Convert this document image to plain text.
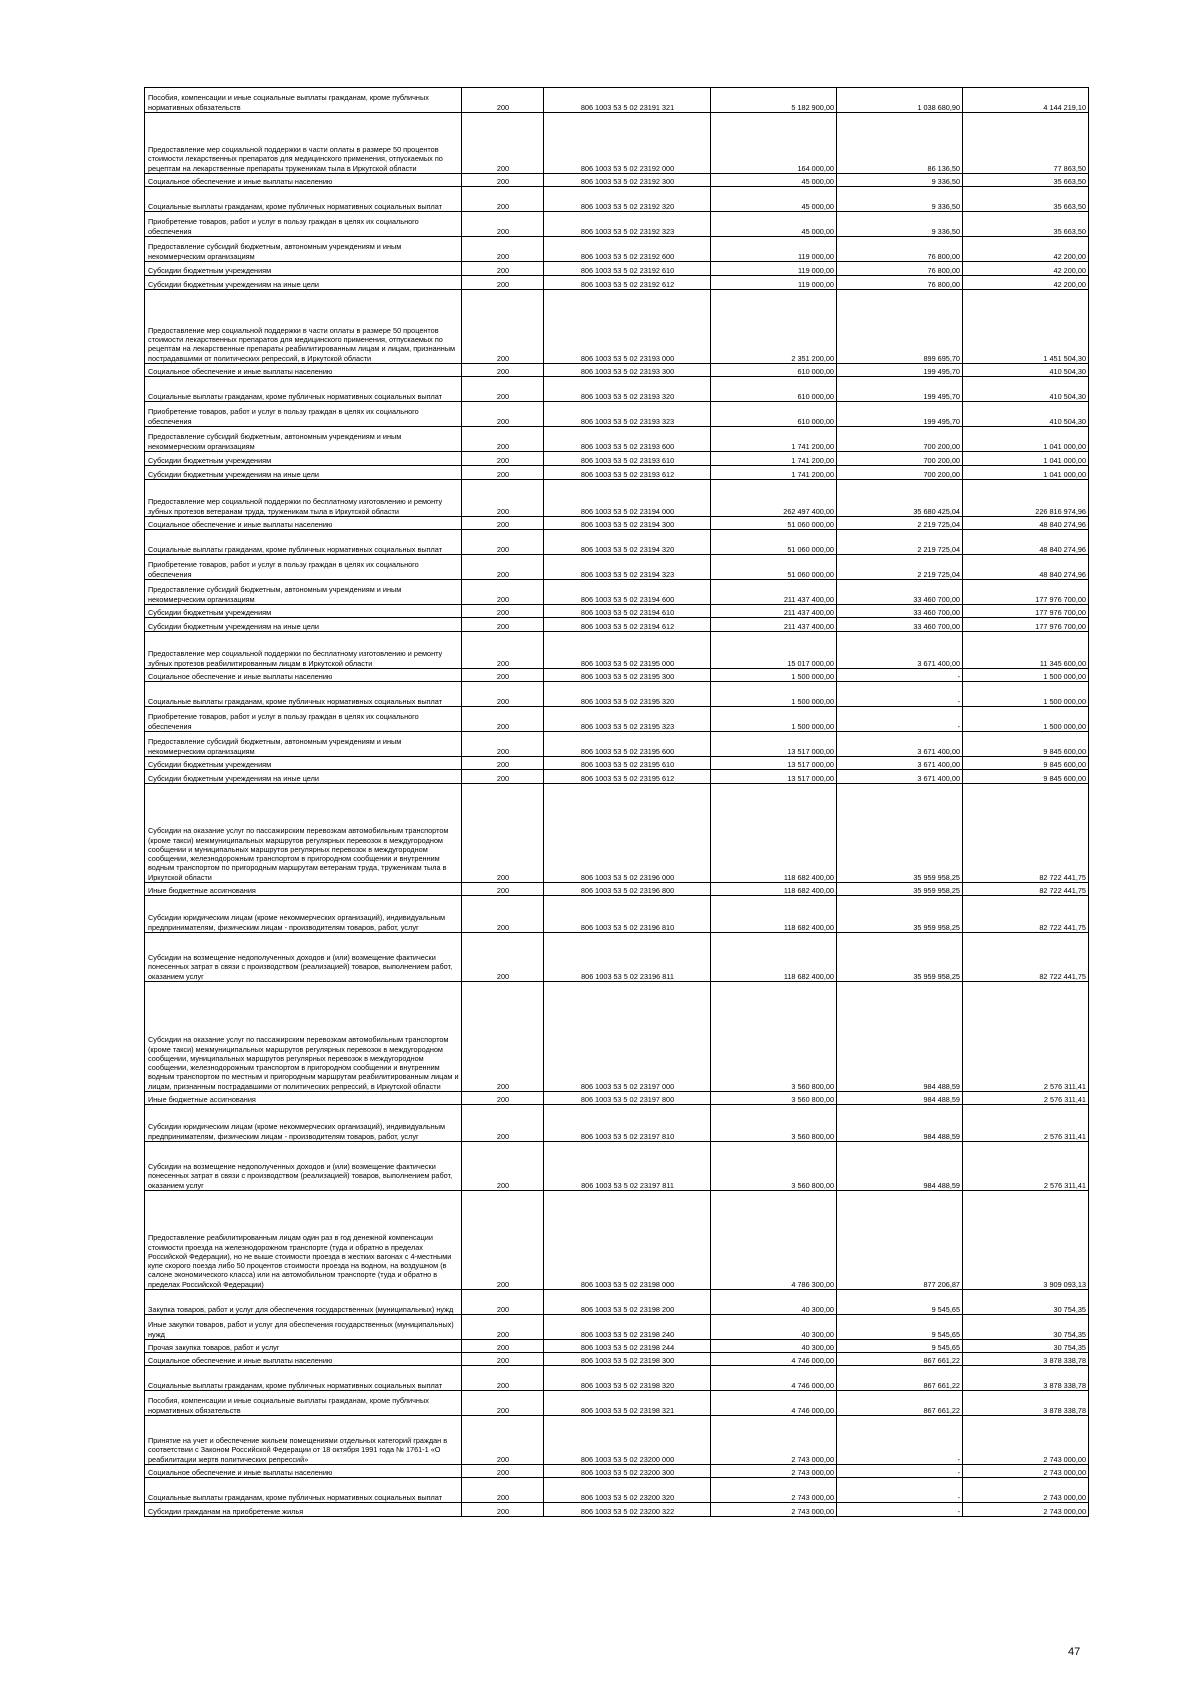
Пособия, компенсации и иные социальные выплаты гражданам, кроме публичных нормативных обязательств	200	806 1003 53 5 02 23191 321	5 182 900,00	1 038 680,90	4 144 219,10
Предоставление мер социальной поддержки в части оплаты в размере 50 процентов стоимости лекарственных препаратов для медицинского применения, отпускаемых по рецептам на лекарственные препараты труженикам тыла в Иркутской области	200	806 1003 53 5 02 23192 000	164 000,00	86 136,50	77 863,50
Социальное обеспечение и иные выплаты населению	200	806 1003 53 5 02 23192 300	45 000,00	9 336,50	35 663,50
Социальные выплаты гражданам, кроме публичных нормативных социальных выплат	200	806 1003 53 5 02 23192 320	45 000,00	9 336,50	35 663,50
Приобретение товаров, работ и услуг в пользу граждан в целях их социального обеспечения	200	806 1003 53 5 02 23192 323	45 000,00	9 336,50	35 663,50
Предоставление субсидий бюджетным, автономным учреждениям и иным некоммерческим организациям	200	806 1003 53 5 02 23192 600	119 000,00	76 800,00	42 200,00
Субсидии бюджетным учреждениям	200	806 1003 53 5 02 23192 610	119 000,00	76 800,00	42 200,00
Субсидии бюджетным учреждениям на иные цели	200	806 1003 53 5 02 23192 612	119 000,00	76 800,00	42 200,00
Предоставление мер социальной поддержки в части оплаты в размере 50 процентов стоимости лекарственных препаратов для медицинского применения, отпускаемых по рецептам на лекарственные препараты реабилитированным лицам и лицам, признанным пострадавшими от политических репрессий, в Иркутской области	200	806 1003 53 5 02 23193 000	2 351 200,00	899 695,70	1 451 504,30
Социальное обеспечение и иные выплаты населению	200	806 1003 53 5 02 23193 300	610 000,00	199 495,70	410 504,30
Социальные выплаты гражданам, кроме публичных нормативных социальных выплат	200	806 1003 53 5 02 23193 320	610 000,00	199 495,70	410 504,30
Приобретение товаров, работ и услуг в пользу граждан в целях их социального обеспечения	200	806 1003 53 5 02 23193 323	610 000,00	199 495,70	410 504,30
Предоставление субсидий бюджетным, автономным учреждениям и иным некоммерческим организациям	200	806 1003 53 5 02 23193 600	1 741 200,00	700 200,00	1 041 000,00
Субсидии бюджетным учреждениям	200	806 1003 53 5 02 23193 610	1 741 200,00	700 200,00	1 041 000,00
Субсидии бюджетным учреждениям на иные цели	200	806 1003 53 5 02 23193 612	1 741 200,00	700 200,00	1 041 000,00
Предоставление мер социальной поддержки по бесплатному изготовлению и ремонту зубных протезов ветеранам труда, труженикам тыла в Иркутской области	200	806 1003 53 5 02 23194 000	262 497 400,00	35 680 425,04	226 816 974,96
Социальное обеспечение и иные выплаты населению	200	806 1003 53 5 02 23194 300	51 060 000,00	2 219 725,04	48 840 274,96
Социальные выплаты гражданам, кроме публичных нормативных социальных выплат	200	806 1003 53 5 02 23194 320	51 060 000,00	2 219 725,04	48 840 274,96
Приобретение товаров, работ и услуг в пользу граждан в целях их социального обеспечения	200	806 1003 53 5 02 23194 323	51 060 000,00	2 219 725,04	48 840 274,96
Предоставление субсидий бюджетным, автономным учреждениям и иным некоммерческим организациям	200	806 1003 53 5 02 23194 600	211 437 400,00	33 460 700,00	177 976 700,00
Субсидии бюджетным учреждениям	200	806 1003 53 5 02 23194 610	211 437 400,00	33 460 700,00	177 976 700,00
Субсидии бюджетным учреждениям на иные цели	200	806 1003 53 5 02 23194 612	211 437 400,00	33 460 700,00	177 976 700,00
Предоставление мер социальной поддержки по бесплатному изготовлению и ремонту зубных протезов реабилитированным лицам в Иркутской области	200	806 1003 53 5 02 23195 000	15 017 000,00	3 671 400,00	11 345 600,00
Социальное обеспечение и иные выплаты населению	200	806 1003 53 5 02 23195 300	1 500 000,00	-	1 500 000,00
Социальные выплаты гражданам, кроме публичных нормативных социальных выплат	200	806 1003 53 5 02 23195 320	1 500 000,00	-	1 500 000,00
Приобретение товаров, работ и услуг в пользу граждан в целях их социального обеспечения	200	806 1003 53 5 02 23195 323	1 500 000,00	-	1 500 000,00
Предоставление субсидий бюджетным, автономным учреждениям и иным некоммерческим организациям	200	806 1003 53 5 02 23195 600	13 517 000,00	3 671 400,00	9 845 600,00
Субсидии бюджетным учреждениям	200	806 1003 53 5 02 23195 610	13 517 000,00	3 671 400,00	9 845 600,00
Субсидии бюджетным учреждениям на иные цели	200	806 1003 53 5 02 23195 612	13 517 000,00	3 671 400,00	9 845 600,00
Субсидии на оказание услуг по пассажирским перевозкам автомобильным транспортом (кроме такси) межмуниципальных маршрутов регулярных перевозок в междугородном сообщении и муниципальных маршрутов регулярных перевозок в междугородном сообщении, железнодорожным транспортом в пригородном сообщении и внутренним водным транспортом по пригородным маршрутам ветеранам труда, труженикам тыла в Иркутской области	200	806 1003 53 5 02 23196 000	118 682 400,00	35 959 958,25	82 722 441,75
Иные бюджетные ассигнования	200	806 1003 53 5 02 23196 800	118 682 400,00	35 959 958,25	82 722 441,75
Субсидии юридическим лицам (кроме некоммерческих организаций), индивидуальным предпринимателям, физическим лицам - производителям товаров, работ, услуг	200	806 1003 53 5 02 23196 810	118 682 400,00	35 959 958,25	82 722 441,75
Субсидии на возмещение недополученных доходов и (или) возмещение фактически понесенных затрат в связи с производством (реализацией) товаров, выполнением работ, оказанием услуг	200	806 1003 53 5 02 23196 811	118 682 400,00	35 959 958,25	82 722 441,75
Субсидии на оказание услуг по пассажирским перевозкам автомобильным транспортом (кроме такси) межмуниципальных маршрутов регулярных перевозок в междугородном сообщении, муниципальных маршрутов регулярных перевозок в междугородном сообщении, железнодорожным транспортом в пригородном сообщении и внутренним водным транспортом по местным и пригородным маршрутам реабилитированным лицам и лицам, признанным пострадавшими от политических репрессий, в Иркутской области	200	806 1003 53 5 02 23197 000	3 560 800,00	984 488,59	2 576 311,41
Иные бюджетные ассигнования	200	806 1003 53 5 02 23197 800	3 560 800,00	984 488,59	2 576 311,41
Субсидии юридическим лицам (кроме некоммерческих организаций), индивидуальным предпринимателям, физическим лицам - производителям товаров, работ, услуг	200	806 1003 53 5 02 23197 810	3 560 800,00	984 488,59	2 576 311,41
Субсидии на возмещение недополученных доходов и (или) возмещение фактически понесенных затрат в связи с производством (реализацией) товаров, выполнением работ, оказанием услуг	200	806 1003 53 5 02 23197 811	3 560 800,00	984 488,59	2 576 311,41
Предоставление реабилитированным лицам один раз в год денежной компенсации стоимости проезда на железнодорожном транспорте (туда и обратно в пределах Российской Федерации), но не выше стоимости проезда в жестких вагонах с 4-местными купе скорого поезда либо 50 процентов стоимости проезда на водном, на воздушном (в салоне экономического класса) или на автомобильном транспорте (туда и обратно в пределах Российской Федерации)	200	806 1003 53 5 02 23198 000	4 786 300,00	877 206,87	3 909 093,13
Закупка товаров, работ и услуг для обеспечения государственных (муниципальных) нужд	200	806 1003 53 5 02 23198 200	40 300,00	9 545,65	30 754,35
Иные закупки товаров, работ и услуг для обеспечения государственных (муниципальных) нужд	200	806 1003 53 5 02 23198 240	40 300,00	9 545,65	30 754,35
Прочая закупка товаров, работ и услуг	200	806 1003 53 5 02 23198 244	40 300,00	9 545,65	30 754,35
Социальное обеспечение и иные выплаты населению	200	806 1003 53 5 02 23198 300	4 746 000,00	867 661,22	3 878 338,78
Социальные выплаты гражданам, кроме публичных нормативных социальных выплат	200	806 1003 53 5 02 23198 320	4 746 000,00	867 661,22	3 878 338,78
Пособия, компенсации и иные социальные выплаты гражданам, кроме публичных нормативных обязательств	200	806 1003 53 5 02 23198 321	4 746 000,00	867 661,22	3 878 338,78
Принятие на учет и обеспечение жильем помещениями отдельных категорий граждан в соответствии с Законом Российской Федерации от 18 октября 1991 года № 1761-1 «О реабилитации жертв политических репрессий»	200	806 1003 53 5 02 23200 000	2 743 000,00	-	2 743 000,00
Социальное обеспечение и иные выплаты населению	200	806 1003 53 5 02 23200 300	2 743 000,00	-	2 743 000,00
Социальные выплаты гражданам, кроме публичных нормативных социальных выплат	200	806 1003 53 5 02 23200 320	2 743 000,00	-	2 743 000,00
Субсидии гражданам на приобретение жилья	200	806 1003 53 5 02 23200 322	2 743 000,00	-	2 743 000,00
47
